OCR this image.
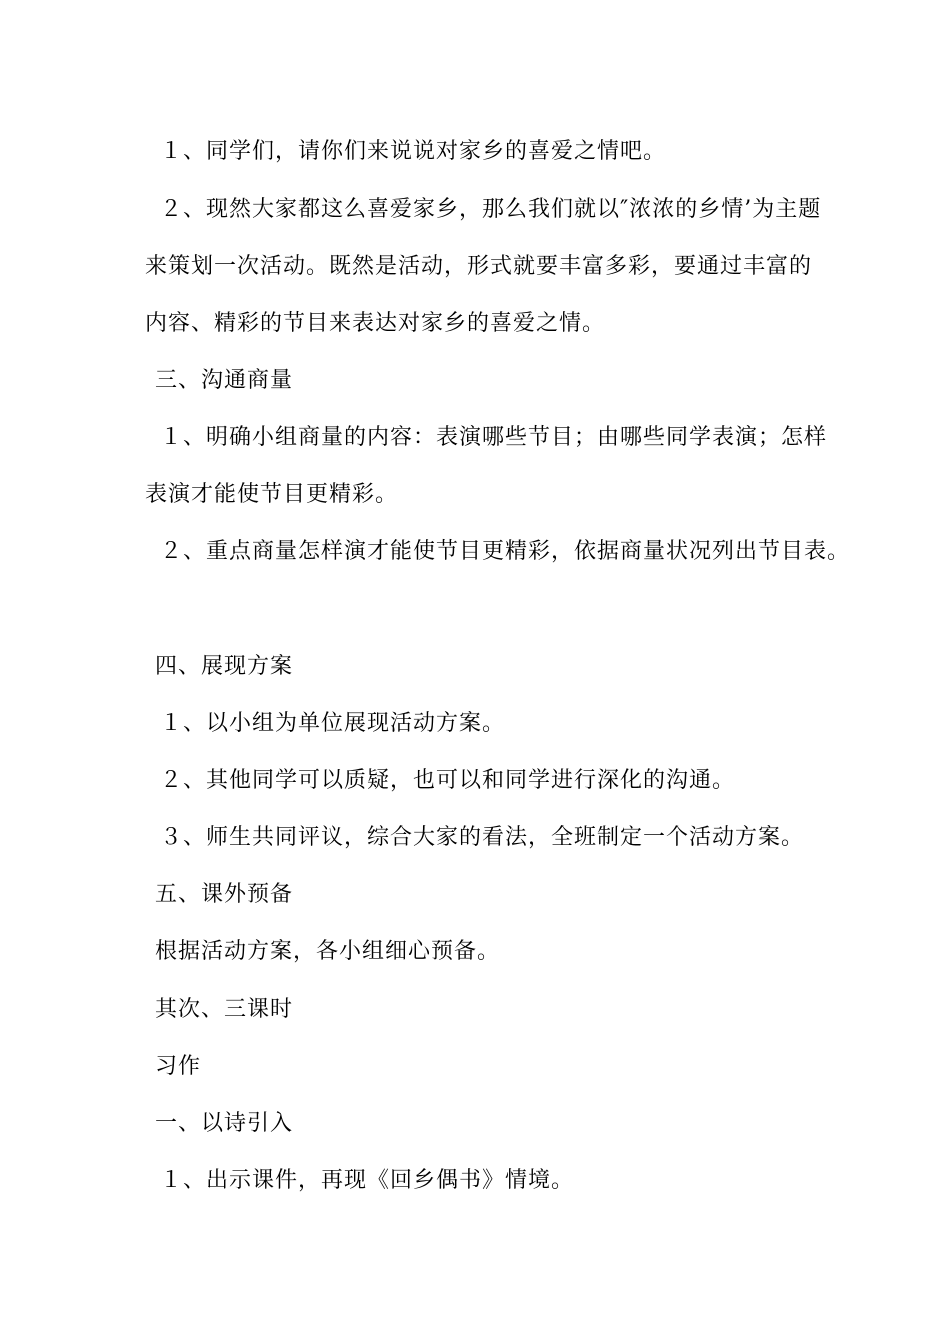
１、同学们，请你们来说说对家乡的喜爱之情吧。
２、现然大家都这么喜爱家乡，那么我们就以″浓浓的乡情’为主题
来策划一次活动。既然是活动，形式就要丰富多彩，要通过丰富的
内容、精彩的节目来表达对家乡的喜爱之情。
三、沟通商量
１、明确小组商量的内容：表演哪些节目；由哪些同学表演；怎样
表演才能使节目更精彩。
２、重点商量怎样演才能使节目更精彩，依据商量状况列出节目表。
四、展现方案
１、以小组为单位展现活动方案。
２、其他同学可以质疑，也可以和同学进行深化的沟通。
３、师生共同评议，综合大家的看法，全班制定一个活动方案。
五、课外预备
根据活动方案，各小组细心预备。
其次、三课时
习作
一、以诗引入
１、出示课件，再现《回乡偶书》情境。
